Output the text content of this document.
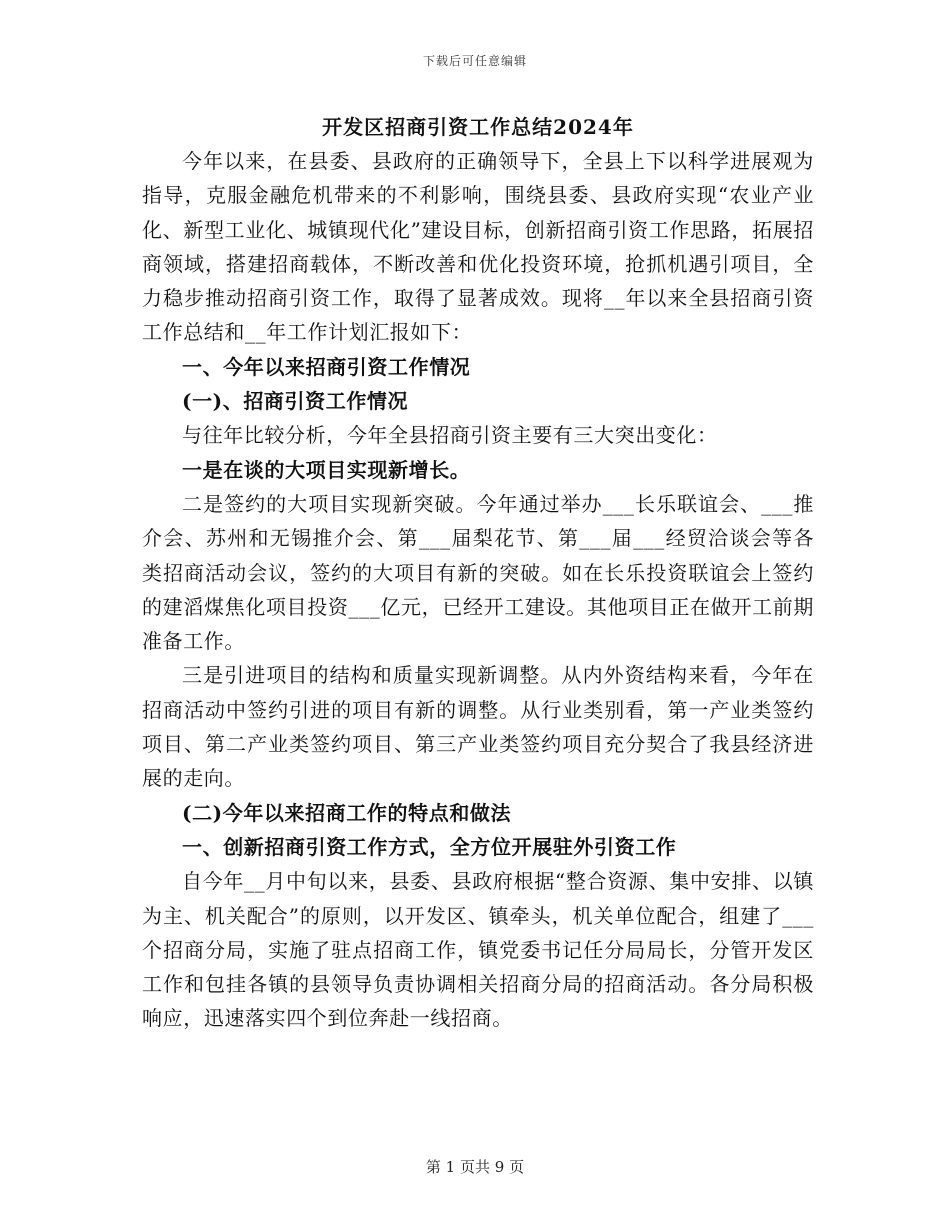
下载后可任意编辑
开发区招商引资工作总结2024年

今年以来，在县委、县政府的正确领导下，全县上下以科学进展观为指导，克服金融危机带来的不利影响，围绕县委、县政府实现“农业产业化、新型工业化、城镇现代化”建设目标，创新招商引资工作思路，拓展招商领域，搭建招商载体，不断改善和优化投资环境，抢抓机遇引项目，全力稳步推动招商引资工作，取得了显著成效。现将__年以来全县招商引资工作总结和__年工作计划汇报如下：

一、今年以来招商引资工作情况

(一)、招商引资工作情况

与往年比较分析，今年全县招商引资主要有三大突出变化：

一是在谈的大项目实现新增长。

二是签约的大项目实现新突破。今年通过举办___长乐联谊会、___推介会、苏州和无锡推介会、第___届梨花节、第___届___经贸洽谈会等各类招商活动会议，签约的大项目有新的突破。如在长乐投资联谊会上签约的建滔煤焦化项目投资___亿元，已经开工建设。其他项目正在做开工前期准备工作。

三是引进项目的结构和质量实现新调整。从内外资结构来看，今年在招商活动中签约引进的项目有新的调整。从行业类别看，第一产业类签约项目、第二产业类签约项目、第三产业类签约项目充分契合了我县经济进展的走向。

(二)今年以来招商工作的特点和做法

一、创新招商引资工作方式，全方位开展驻外引资工作

自今年__月中旬以来，县委、县政府根据“整合资源、集中安排、以镇为主、机关配合”的原则，以开发区、镇牵头，机关单位配合，组建了___个招商分局，实施了驻点招商工作，镇党委书记任分局局长，分管开发区工作和包挂各镇的县领导负责协调相关招商分局的招商活动。各分局积极响应，迅速落实四个到位奔赴一线招商。

第 1 页共 9 页
